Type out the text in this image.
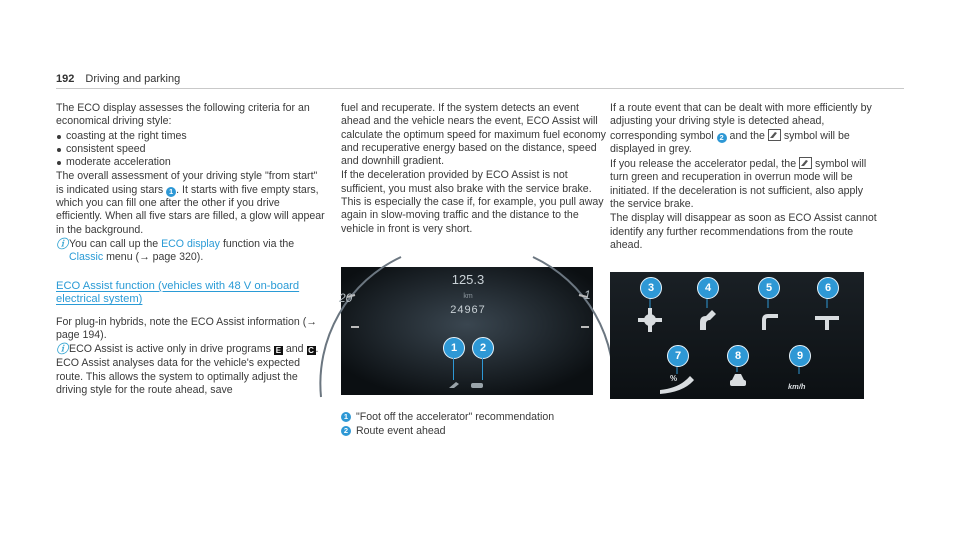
192 Driving and parking

The ECO display assesses the following criteria for an economical driving style:

coasting at the right times
consistent speed
moderate acceleration

The overall assessment of your driving style "from start" is indicated using stars 1 . It starts with five empty stars, which you can fill one after the other if you drive efficiently. When all five stars are filled, a glow will appear in the background.

ⓘ You can call up the ECO display function via the Classic menu (→ page 320).

ECO Assist function (vehicles with 48 V on-board electrical system)

For plug-in hybrids, note the ECO Assist information (→ page 194).

ⓘ ECO Assist is active only in drive programs E and C .

ECO Assist analyses data for the vehicle's expected route. This allows the system to optimally adjust the driving style for the route ahead, save

fuel and recuperate. If the system detects an event ahead and the vehicle nears the event, ECO Assist will calculate the optimum speed for maximum fuel economy and recuperative energy based on the distance, speed and downhill gradient.

If the deceleration provided by ECO Assist is not sufficient, you must also brake with the service brake. This is especially the case if, for example, you pull away again in slow-moving traffic and the distance to the vehicle in front is very short.

125.3
km
24967
20	1
1	2

1 "Foot off the accelerator" recommendation

2 Route event ahead

If a route event that can be dealt with more efficiently by adjusting your driving style is detected ahead, corresponding symbol 2 and the symbol will be displayed in grey.

If you release the accelerator pedal, the symbol will turn green and recuperation in overrun mode will be initiated. If the deceleration is not sufficient, also apply the service brake.

The display will disappear as soon as ECO Assist cannot identify any further recommendations from the route ahead.

3	4	5	6
7	8	9
%
km/h
